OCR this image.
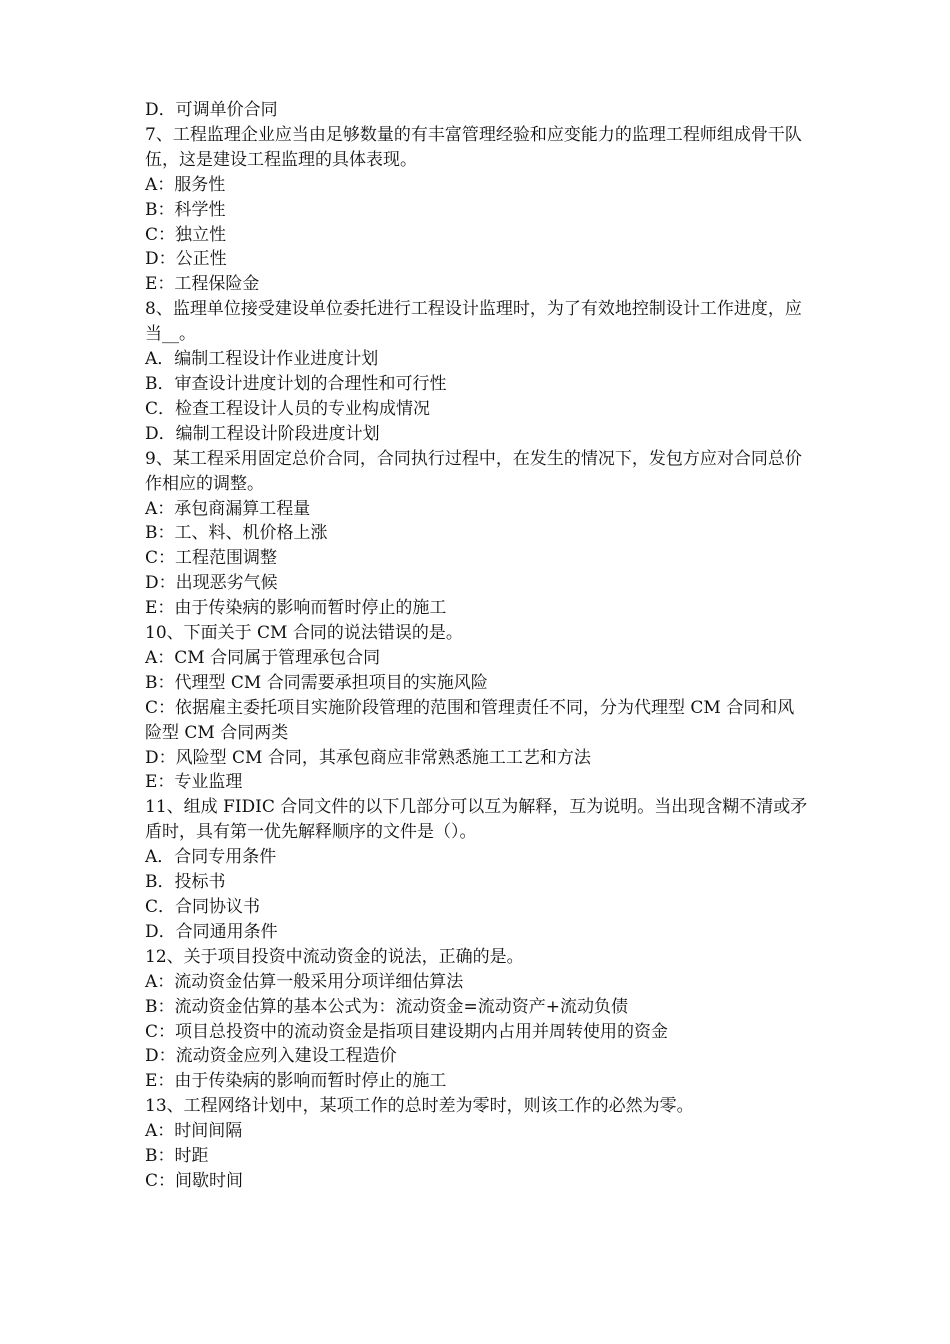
D．可调单价合同

7、工程监理企业应当由足够数量的有丰富管理经验和应变能力的监理工程师组成骨干队伍，这是建设工程监理的具体表现。

A：服务性

B：科学性

C：独立性

D：公正性

E：工程保险金

8、监理单位接受建设单位委托进行工程设计监理时，为了有效地控制设计工作进度，应当__。

A．编制工程设计作业进度计划

B．审查设计进度计划的合理性和可行性

C．检查工程设计人员的专业构成情况

D．编制工程设计阶段进度计划

9、某工程采用固定总价合同，合同执行过程中，在发生的情况下，发包方应对合同总价作相应的调整。

A：承包商漏算工程量

B：工、料、机价格上涨

C：工程范围调整

D：出现恶劣气候

E：由于传染病的影响而暂时停止的施工

10、下面关于 CM 合同的说法错误的是。

A：CM 合同属于管理承包合同

B：代理型 CM 合同需要承担项目的实施风险

C：依据雇主委托项目实施阶段管理的范围和管理责任不同，分为代理型 CM 合同和风险型 CM 合同两类

D：风险型 CM 合同，其承包商应非常熟悉施工工艺和方法

E：专业监理

11、组成 FIDIC 合同文件的以下几部分可以互为解释，互为说明。当出现含糊不清或矛盾时，具有第一优先解释顺序的文件是（）。

A．合同专用条件

B．投标书

C．合同协议书

D．合同通用条件

12、关于项目投资中流动资金的说法，正确的是。

A：流动资金估算一般采用分项详细估算法

B：流动资金估算的基本公式为：流动资金=流动资产+流动负债

C：项目总投资中的流动资金是指项目建设期内占用并周转使用的资金

D：流动资金应列入建设工程造价

E：由于传染病的影响而暂时停止的施工

13、工程网络计划中，某项工作的总时差为零时，则该工作的必然为零。

A：时间间隔

B：时距

C：间歇时间
